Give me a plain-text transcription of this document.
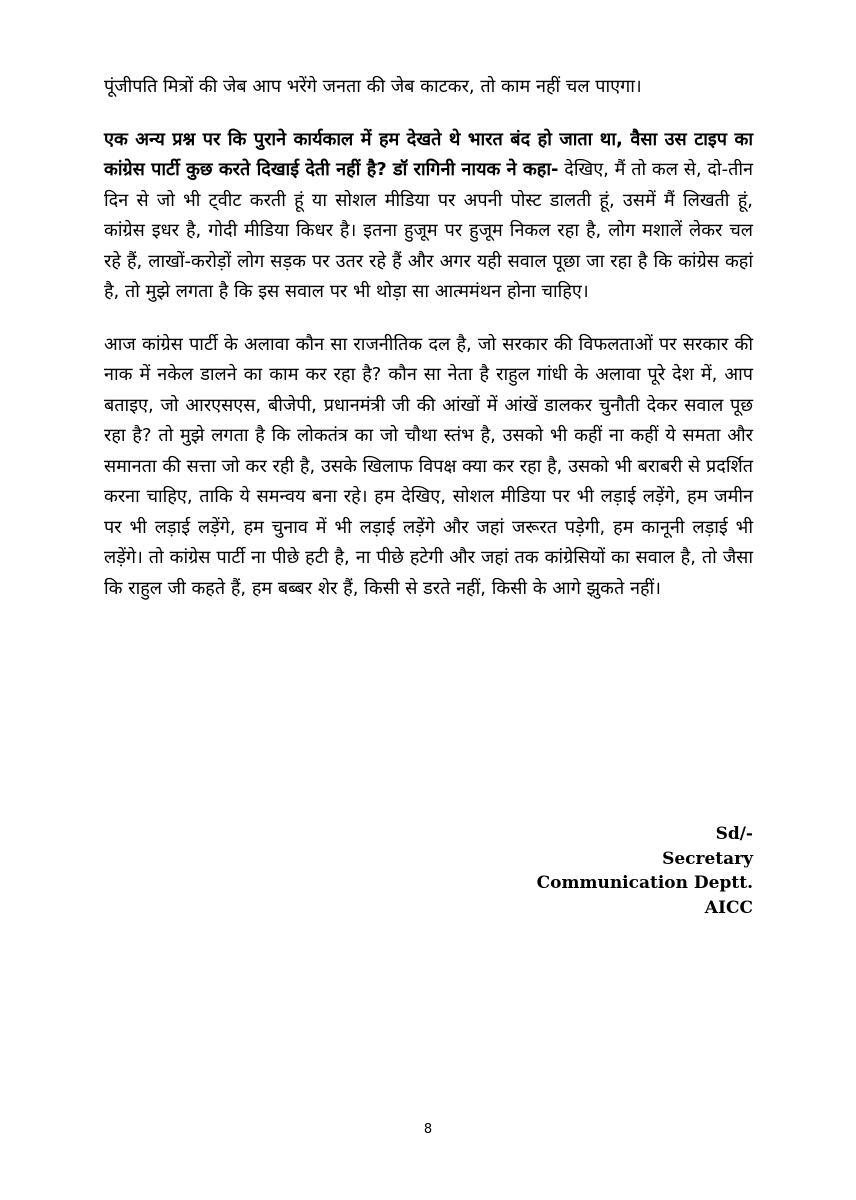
पूंजीपति मित्रों की जेब आप भरेंगे जनता की जेब काटकर, तो काम नहीं चल पाएगा।

एक अन्य प्रश्न पर कि पुराने कार्यकाल में हम देखते थे भारत बंद हो जाता था, वैसा उस टाइप का कांग्रेस पार्टी कुछ करते दिखाई देती नहीं है? डॉ रागिनी नायक ने कहा- देखिए, मैं तो कल से, दो-तीन दिन से जो भी ट्वीट करती हूं या सोशल मीडिया पर अपनी पोस्ट डालती हूं, उसमें मैं लिखती हूं, कांग्रेस इधर है, गोदी मीडिया किधर है। इतना हुजूम पर हुजूम निकल रहा है, लोग मशालें लेकर चल रहे हैं, लाखों-करोड़ों लोग सड़क पर उतर रहे हैं और अगर यही सवाल पूछा जा रहा है कि कांग्रेस कहां है, तो मुझे लगता है कि इस सवाल पर भी थोड़ा सा आत्ममंथन होना चाहिए।

आज कांग्रेस पार्टी के अलावा कौन सा राजनीतिक दल है, जो सरकार की विफलताओं पर सरकार की नाक में नकेल डालने का काम कर रहा है? कौन सा नेता है राहुल गांधी के अलावा पूरे देश में, आप बताइए, जो आरएसएस, बीजेपी, प्रधानमंत्री जी की आंखों में आंखें डालकर चुनौती देकर सवाल पूछ रहा है? तो मुझे लगता है कि लोकतंत्र का जो चौथा स्तंभ है, उसको भी कहीं ना कहीं ये समता और समानता की सत्ता जो कर रही है, उसके खिलाफ विपक्ष क्या कर रहा है, उसको भी बराबरी से प्रदर्शित करना चाहिए, ताकि ये समन्वय बना रहे। हम देखिए, सोशल मीडिया पर भी लड़ाई लड़ेंगे, हम जमीन पर भी लड़ाई लड़ेंगे, हम चुनाव में भी लड़ाई लड़ेंगे और जहां जरूरत पड़ेगी, हम कानूनी लड़ाई भी लड़ेंगे। तो कांग्रेस पार्टी ना पीछे हटी है, ना पीछे हटेगी और जहां तक कांग्रेसियों का सवाल है, तो जैसा कि राहुल जी कहते हैं, हम बब्बर शेर हैं, किसी से डरते नहीं, किसी के आगे झुकते नहीं।

Sd/-
Secretary
Communication Deptt.
AICC
8
